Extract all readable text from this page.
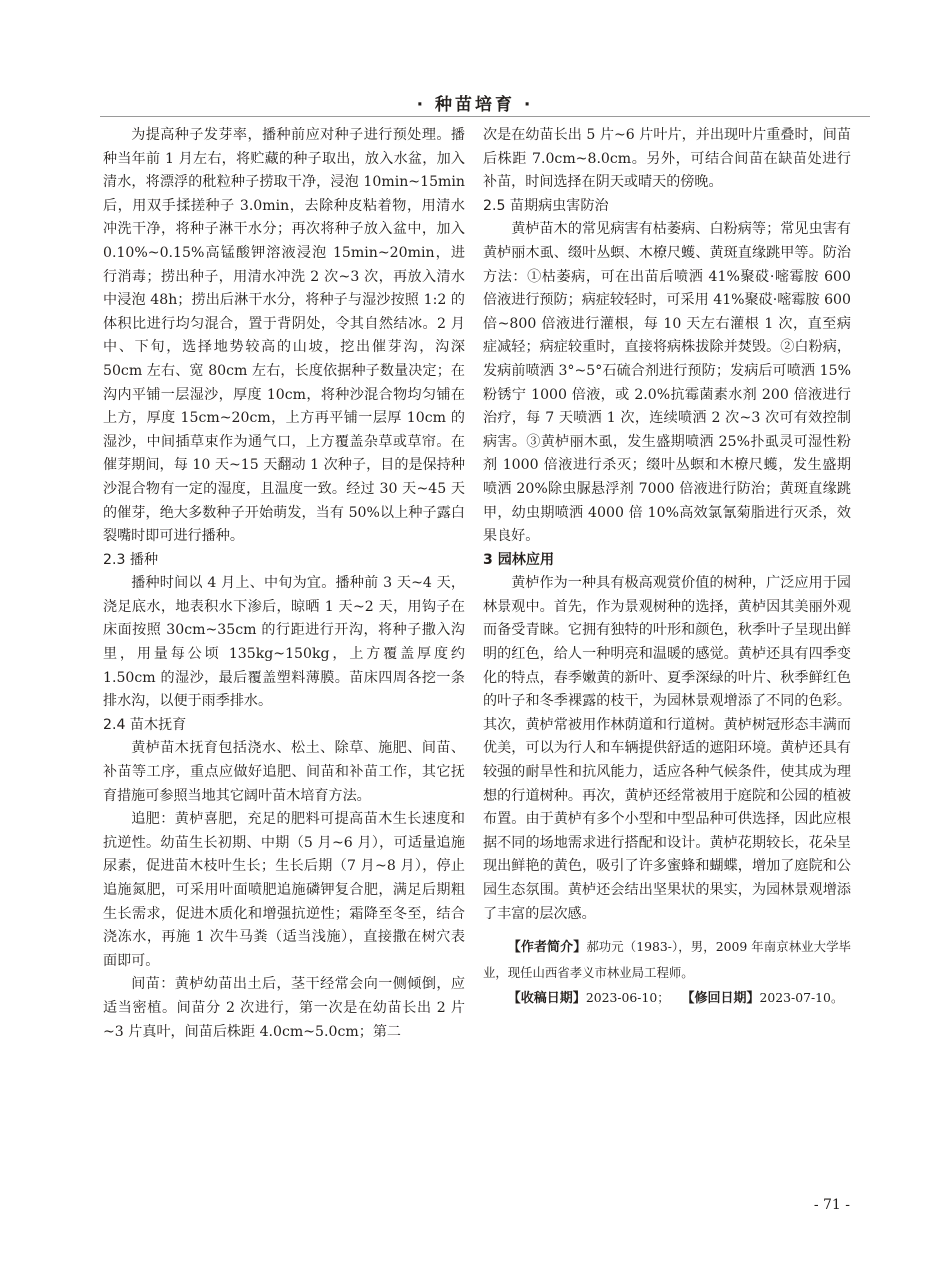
· 种苗培育 ·

为提高种子发芽率，播种前应对种子进行预处理。播种当年前 1 月左右，将贮藏的种子取出，放入水盆，加入清水，将漂浮的秕粒种子捞取干净，浸泡 10min~15min 后，用双手揉搓种子 3.0min，去除种皮粘着物，用清水冲洗干净，将种子淋干水分；再次将种子放入盆中，加入 0.10%~0.15%高锰酸钾溶液浸泡 15min~20min，进行消毒；捞出种子，用清水冲洗 2 次~3 次，再放入清水中浸泡 48h；捞出后淋干水分，将种子与湿沙按照 1:2 的体积比进行均匀混合，置于背阴处，令其自然结冰。2 月中、下旬，选择地势较高的山坡，挖出催芽沟，沟深 50cm 左右、宽 80cm 左右，长度依据种子数量决定；在沟内平铺一层湿沙，厚度 10cm，将种沙混合物均匀铺在上方，厚度 15cm~20cm，上方再平铺一层厚 10cm 的湿沙，中间插草束作为通气口，上方覆盖杂草或草帘。在催芽期间，每 10 天~15 天翻动 1 次种子，目的是保持种沙混合物有一定的湿度，且温度一致。经过 30 天~45 天的催芽，绝大多数种子开始萌发，当有 50%以上种子露白裂嘴时即可进行播种。

2.3 播种

播种时间以 4 月上、中旬为宜。播种前 3 天~4 天，浇足底水，地表积水下渗后，晾晒 1 天~2 天，用钩子在床面按照 30cm~35cm 的行距进行开沟，将种子撒入沟里，用量每公顷 135kg~150kg，上方覆盖厚度约 1.50cm 的湿沙，最后覆盖塑料薄膜。苗床四周各挖一条排水沟，以便于雨季排水。

2.4 苗木抚育

黄栌苗木抚育包括浇水、松土、除草、施肥、间苗、补苗等工序，重点应做好追肥、间苗和补苗工作，其它抚育措施可参照当地其它阔叶苗木培育方法。

追肥：黄栌喜肥，充足的肥料可提高苗木生长速度和抗逆性。幼苗生长初期、中期（5 月~6 月），可适量追施尿素，促进苗木枝叶生长；生长后期（7 月~8 月），停止追施氮肥，可采用叶面喷肥追施磷钾复合肥，满足后期粗生长需求，促进木质化和增强抗逆性；霜降至冬至，结合浇冻水，再施 1 次牛马粪（适当浅施），直接撒在树穴表面即可。

间苗：黄栌幼苗出土后，茎干经常会向一侧倾倒，应适当密植。间苗分 2 次进行，第一次是在幼苗长出 2 片~3 片真叶，间苗后株距 4.0cm~5.0cm；第二

次是在幼苗长出 5 片~6 片叶片，并出现叶片重叠时，间苗后株距 7.0cm~8.0cm。另外，可结合间苗在缺苗处进行补苗，时间选择在阴天或晴天的傍晚。

2.5 苗期病虫害防治

黄栌苗木的常见病害有枯萎病、白粉病等；常见虫害有黄栌丽木虱、缀叶丛螟、木橑尺蠖、黄斑直缘跳甲等。防治方法：①枯萎病，可在出苗后喷洒 41%聚砹·嘧霉胺 600 倍液进行预防；病症较轻时，可采用 41%聚砹·嘧霉胺 600 倍~800 倍液进行灌根，每 10 天左右灌根 1 次，直至病症减轻；病症较重时，直接将病株拔除并焚毁。②白粉病，发病前喷洒 3°~5°石硫合剂进行预防；发病后可喷洒 15%粉锈宁 1000 倍液，或 2.0%抗霉菌素水剂 200 倍液进行治疗，每 7 天喷洒 1 次，连续喷洒 2 次~3 次可有效控制病害。③黄栌丽木虱，发生盛期喷洒 25%扑虱灵可湿性粉剂 1000 倍液进行杀灭；缀叶丛螟和木橑尺蠖，发生盛期喷洒 20%除虫脲悬浮剂 7000 倍液进行防治；黄斑直缘跳甲，幼虫期喷洒 4000 倍 10%高效氯氰菊脂进行灭杀，效果良好。

3 园林应用

黄栌作为一种具有极高观赏价值的树种，广泛应用于园林景观中。首先，作为景观树种的选择，黄栌因其美丽外观而备受青睐。它拥有独特的叶形和颜色，秋季叶子呈现出鲜明的红色，给人一种明亮和温暖的感觉。黄栌还具有四季变化的特点，春季嫩黄的新叶、夏季深绿的叶片、秋季鲜红色的叶子和冬季裸露的枝干，为园林景观增添了不同的色彩。其次，黄栌常被用作林荫道和行道树。黄栌树冠形态丰满而优美，可以为行人和车辆提供舒适的遮阳环境。黄栌还具有较强的耐旱性和抗风能力，适应各种气候条件，使其成为理想的行道树种。再次，黄栌还经常被用于庭院和公园的植被布置。由于黄栌有多个小型和中型品种可供选择，因此应根据不同的场地需求进行搭配和设计。黄栌花期较长，花朵呈现出鲜艳的黄色，吸引了许多蜜蜂和蝴蝶，增加了庭院和公园生态氛围。黄栌还会结出坚果状的果实，为园林景观增添了丰富的层次感。

【作者简介】郝功元（1983-），男，2009 年南京林业大学毕业，现任山西省孝义市林业局工程师。

【收稿日期】2023-06-10； 【修回日期】2023-07-10。

- 71 -
